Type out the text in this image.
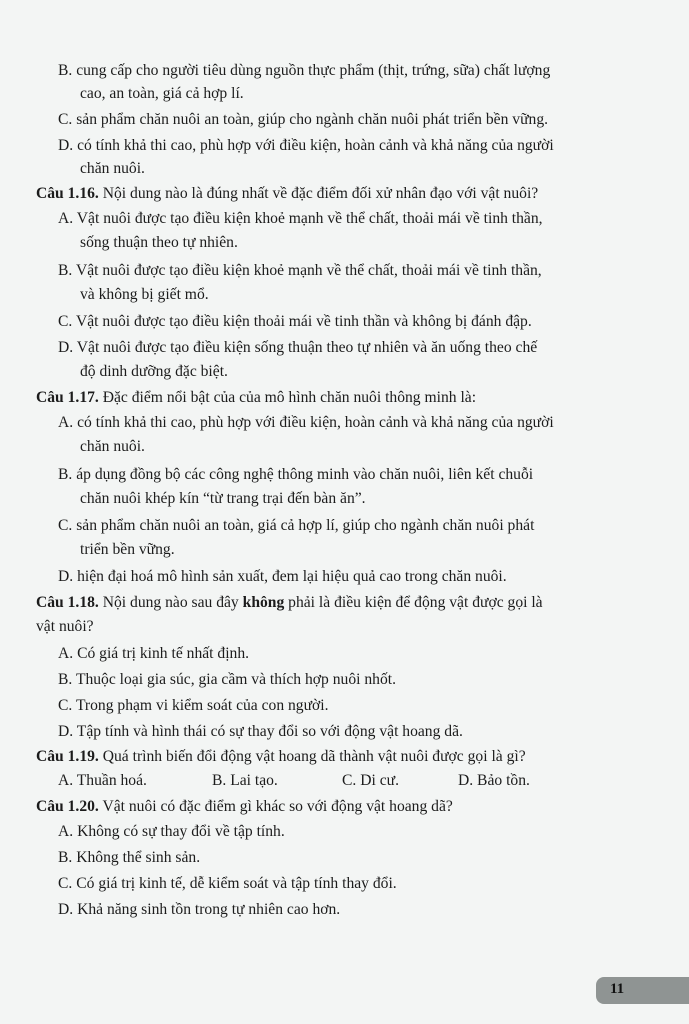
B. cung cấp cho người tiêu dùng nguồn thực phẩm (thịt, trứng, sữa) chất lượng
cao, an toàn, giá cả hợp lí.
C. sản phẩm chăn nuôi an toàn, giúp cho ngành chăn nuôi phát triển bền vững.
D. có tính khả thi cao, phù hợp với điều kiện, hoàn cảnh và khả năng của người
chăn nuôi.
Câu 1.16. Nội dung nào là đúng nhất về đặc điểm đối xử nhân đạo với vật nuôi?
A. Vật nuôi được tạo điều kiện khoẻ mạnh về thể chất, thoải mái về tinh thần,
sống thuận theo tự nhiên.
B. Vật nuôi được tạo điều kiện khoẻ mạnh về thể chất, thoải mái về tinh thần,
và không bị giết mổ.
C. Vật nuôi được tạo điều kiện thoải mái về tinh thần và không bị đánh đập.
D. Vật nuôi được tạo điều kiện sống thuận theo tự nhiên và ăn uống theo chế
độ dinh dưỡng đặc biệt.
Câu 1.17. Đặc điểm nổi bật của của mô hình chăn nuôi thông minh là:
A. có tính khả thi cao, phù hợp với điều kiện, hoàn cảnh và khả năng của người
chăn nuôi.
B. áp dụng đồng bộ các công nghệ thông minh vào chăn nuôi, liên kết chuỗi
chăn nuôi khép kín “từ trang trại đến bàn ăn”.
C. sản phẩm chăn nuôi an toàn, giá cả hợp lí, giúp cho ngành chăn nuôi phát
triển bền vững.
D. hiện đại hoá mô hình sản xuất, đem lại hiệu quả cao trong chăn nuôi.
Câu 1.18. Nội dung nào sau đây không phải là điều kiện để động vật được gọi là
vật nuôi?
A. Có giá trị kinh tế nhất định.
B. Thuộc loại gia súc, gia cầm và thích hợp nuôi nhốt.
C. Trong phạm vi kiểm soát của con người.
D. Tập tính và hình thái có sự thay đổi so với động vật hoang dã.
Câu 1.19. Quá trình biến đổi động vật hoang dã thành vật nuôi được gọi là gì?
A. Thuần hoá.	B. Lai tạo.	C. Di cư.	D. Bảo tồn.
Câu 1.20. Vật nuôi có đặc điểm gì khác so với động vật hoang dã?
A. Không có sự thay đổi về tập tính.
B. Không thể sinh sản.
C. Có giá trị kinh tế, dễ kiểm soát và tập tính thay đổi.
D. Khả năng sinh tồn trong tự nhiên cao hơn.
11
